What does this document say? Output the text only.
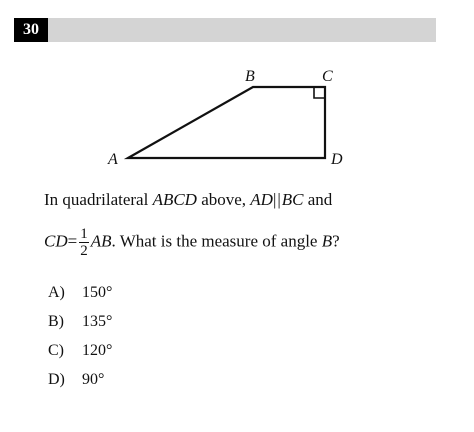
30
A
B	C
D
In quadrilateral ABCD above, AD||BC and
$CD= \frac{1}{2}$ AB. What is the measure of angle B?
A) 150°
B) 135°
C) 120°
D) 90°
